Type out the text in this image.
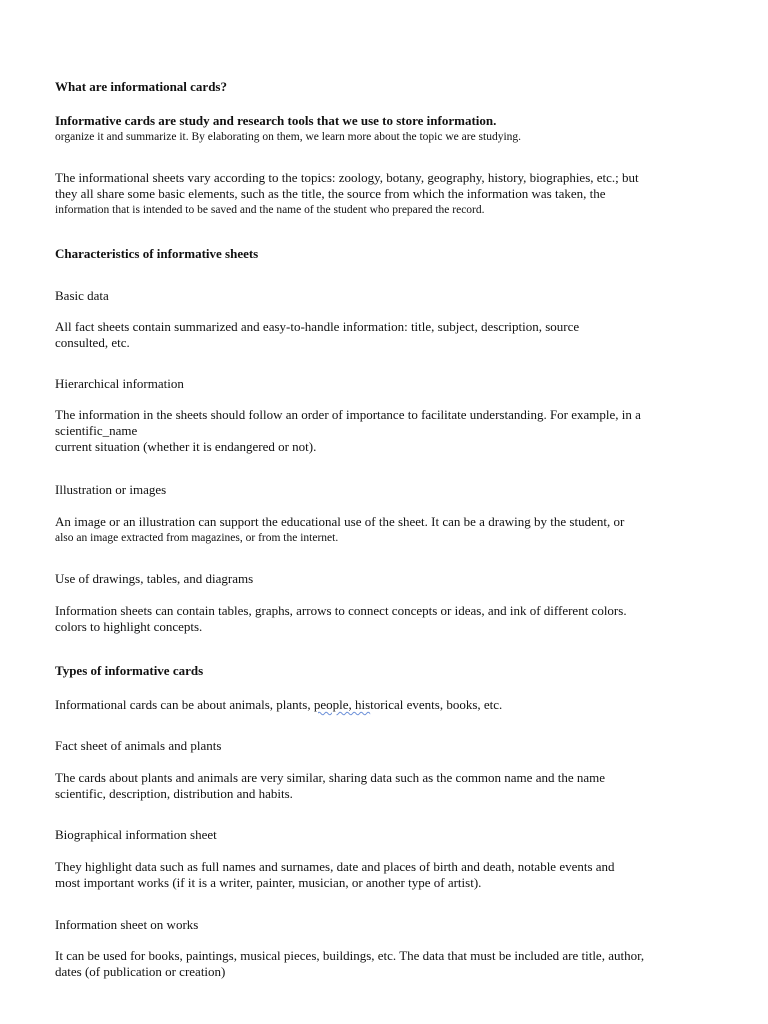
What are informational cards?

Informative cards are study and research tools that we use to store information.
organize it and summarize it. By elaborating on them, we learn more about the topic we are studying.
The informational sheets vary according to the topics: zoology, botany, geography, history, biographies, etc.; but
they all share some basic elements, such as the title, the source from which the information was taken, the
information that is intended to be saved and the name of the student who prepared the record.

Characteristics of informative sheets

Basic data

All fact sheets contain summarized and easy-to-handle information: title, subject, description, source
consulted, etc.

Hierarchical information

The information in the sheets should follow an order of importance to facilitate understanding. For example, in a
scientific_name
current situation (whether it is endangered or not).

Illustration or images

An image or an illustration can support the educational use of the sheet. It can be a drawing by the student, or
also an image extracted from magazines, or from the internet.

Use of drawings, tables, and diagrams

Information sheets can contain tables, graphs, arrows to connect concepts or ideas, and ink of different colors.
colors to highlight concepts.

Types of informative cards

Informational cards can be about animals, plants, people, historical events, books, etc.

Fact sheet of animals and plants

The cards about plants and animals are very similar, sharing data such as the common name and the name
scientific, description, distribution and habits.

Biographical information sheet

They highlight data such as full names and surnames, date and places of birth and death, notable events and
most important works (if it is a writer, painter, musician, or another type of artist).

Information sheet on works

It can be used for books, paintings, musical pieces, buildings, etc. The data that must be included are title, author,
dates (of publication or creation)
